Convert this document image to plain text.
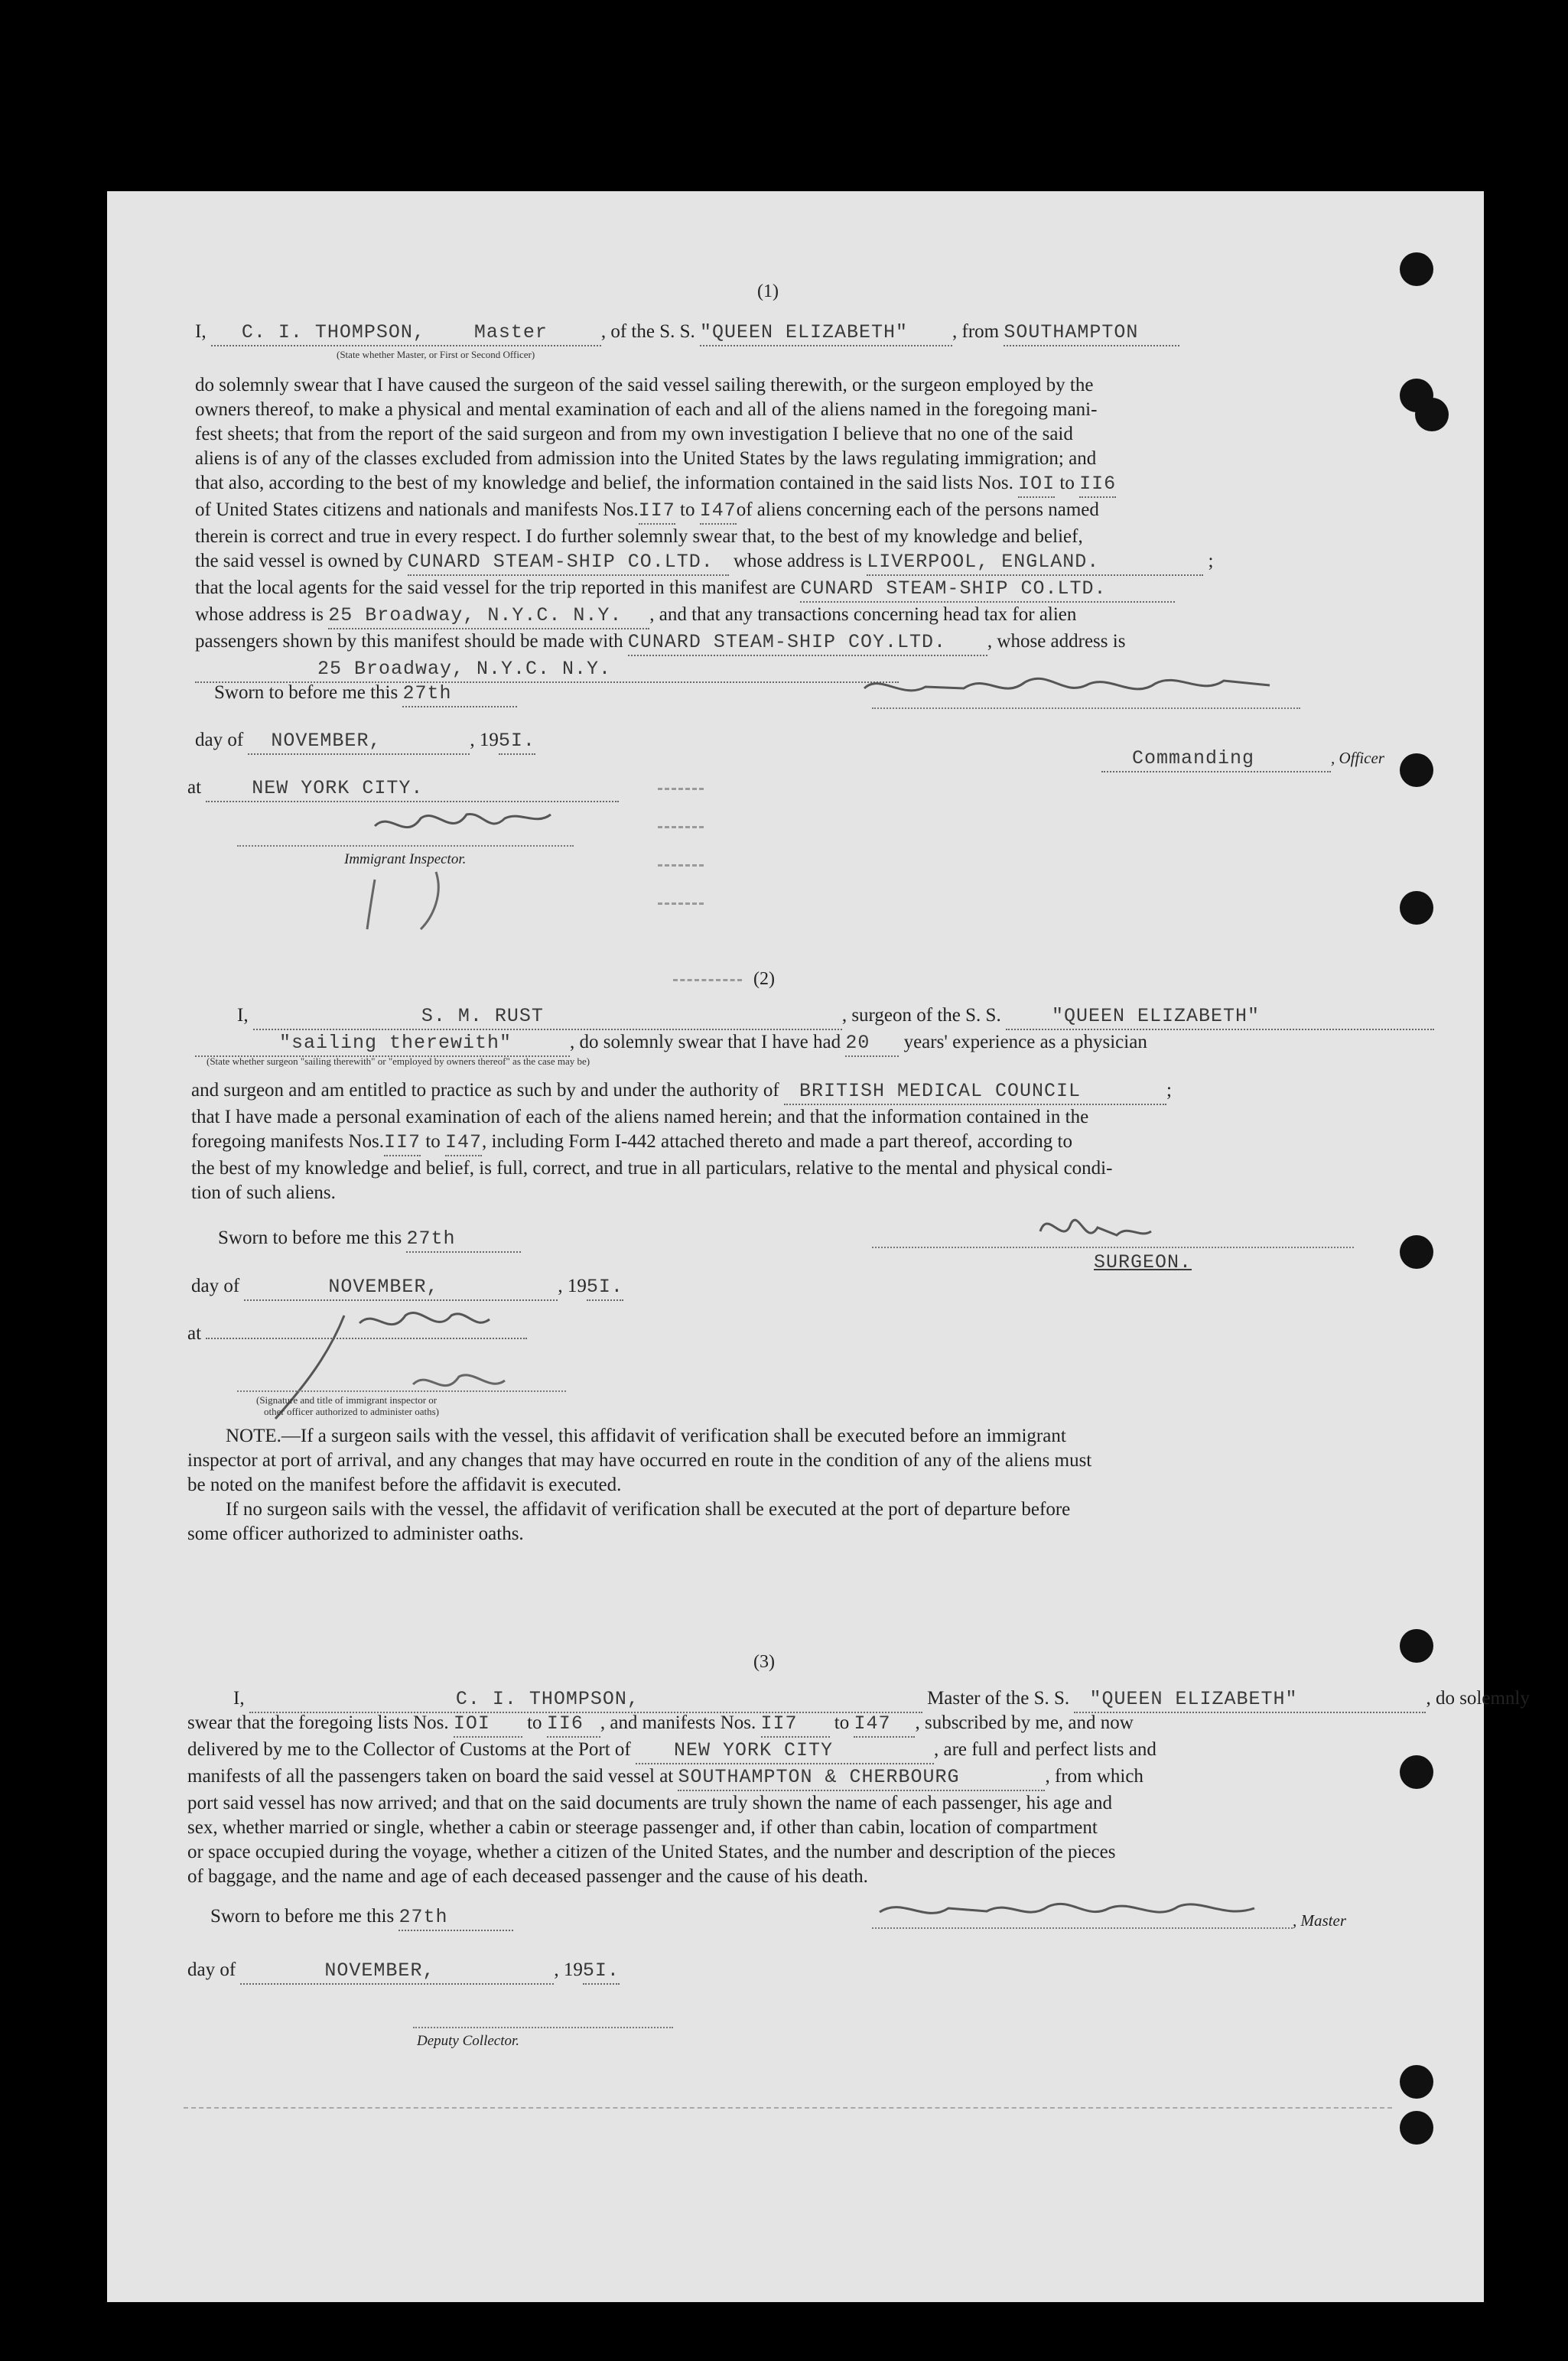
(1)
I, C. I. THOMPSON,	Master	, of the S. S. "QUEEN ELIZABETH" , from SOUTHAMPTON
(State whether Master, or First or Second Officer)
do solemnly swear that I have caused the surgeon of the said vessel sailing therewith, or the surgeon employed by the
owners thereof, to make a physical and mental examination of each and all of the aliens named in the foregoing mani-
fest sheets; that from the report of the said surgeon and from my own investigation I believe that no one of the said
aliens is of any of the classes excluded from admission into the United States by the laws regulating immigration; and
that also, according to the best of my knowledge and belief, the information contained in the said lists Nos. IOI to II6
of United States citizens and nationals and manifests Nos.II7 to I47of aliens concerning each of the persons named
therein is correct and true in every respect. I do further solemnly swear that, to the best of my knowledge and belief,
the said vessel is owned by CUNARD STEAM-SHIP CO.LTD. whose address is LIVERPOOL, ENGLAND.	;
that the local agents for the said vessel for the trip reported in this manifest are CUNARD STEAM-SHIP CO.LTD.
whose address is 25 Broadway, N.Y.C. N.Y. , and that any transactions concerning head tax for alien
passengers shown by this manifest should be made with CUNARD STEAM-SHIP COY.LTD. , whose address is
25 Broadway, N.Y.C. N.Y.
Sworn to before me this 27th
day of NOVEMBER,	, 195I.
at	NEW YORK CITY.
Commanding	, Officer
Immigrant Inspector.
(2)
I,	S. M. RUST	, surgeon of the S. S.	"QUEEN ELIZABETH"
"sailing therewith"	, do solemnly swear that I have had 20 years' experience as a physician
(State whether surgeon "sailing therewith" or "employed by owners thereof" as the case may be)
and surgeon and am entitled to practice as such by and under the authority of BRITISH MEDICAL COUNCIL	;
that I have made a personal examination of each of the aliens named herein; and that the information contained in the
foregoing manifests Nos.II7 to I47, including Form I-442 attached thereto and made a part thereof, according to
the best of my knowledge and belief, is full, correct, and true in all particulars, relative to the mental and physical condi-
tion of such aliens.
Sworn to before me this 27th
SURGEON.
day of	NOVEMBER,	, 195I.
at
(Signature and title of immigrant inspector or
other officer authorized to administer oaths)
NOTE.—If a surgeon sails with the vessel, this affidavit of verification shall be executed before an immigrant
inspector at port of arrival, and any changes that may have occurred en route in the condition of any of the aliens must
be noted on the manifest before the affidavit is executed.
If no surgeon sails with the vessel, the affidavit of verification shall be executed at the port of departure before
some officer authorized to administer oaths.
(3)
I,	C. I. THOMPSON,	Master of the S. S. "QUEEN ELIZABETH"	, do solemnly
swear that the foregoing lists Nos. IOI to II6 , and manifests Nos. II7 to I47 , subscribed by me, and now
delivered by me to the Collector of Customs at the Port of NEW YORK CITY	, are full and perfect lists and
manifests of all the passengers taken on board the said vessel at SOUTHAMPTON & CHERBOURG	, from which
port said vessel has now arrived; and that on the said documents are truly shown the name of each passenger, his age and
sex, whether married or single, whether a cabin or steerage passenger and, if other than cabin, location of compartment
or space occupied during the voyage, whether a citizen of the United States, and the number and description of the pieces
of baggage, and the name and age of each deceased passenger and the cause of his death.
Sworn to before me this 27th	, Master
day of	NOVEMBER,	, 195I.
Deputy Collector.
